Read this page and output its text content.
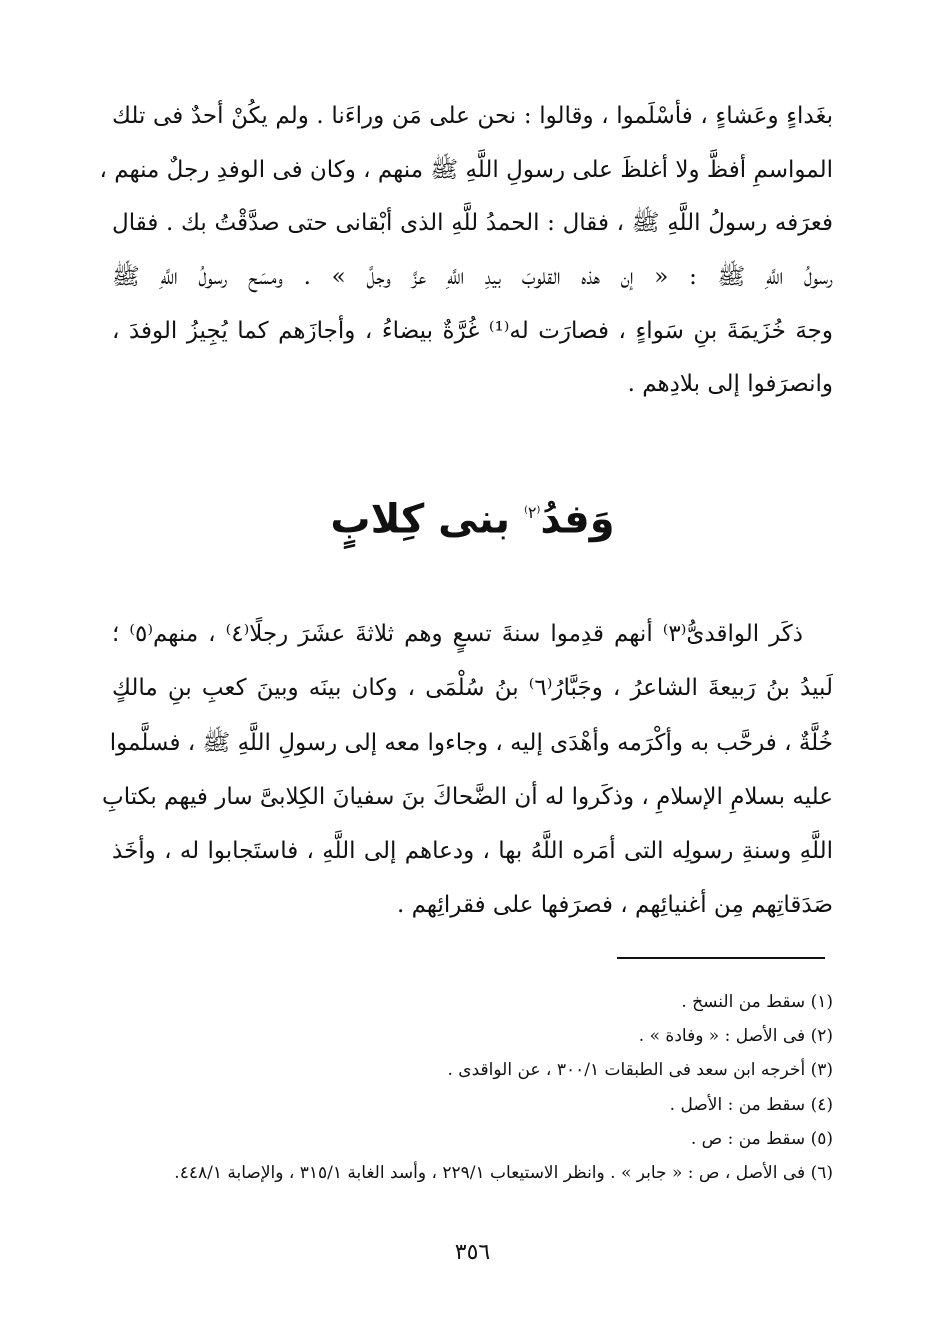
بغَداءٍ وعَشاءٍ ، فأسْلَموا ، وقالوا : نحن على مَن وراءَنا . ولم يكُنْ أحدٌ فى تلك
المواسمِ أفظَّ ولا أغلظَ على رسولِ اللَّهِ ﷺ منهم ، وكان فى الوفدِ رجلٌ منهم ،
فعرَفه رسولُ اللَّهِ ﷺ ، فقال : الحمدُ للَّهِ الذى أبْقانى حتى صدَّقْتُ بك . فقال
رسولُ اللَّهِ ﷺ : « إن هذه القلوبَ بيدِ اللَّهِ عزَّ وجلَّ » . ومسَح رسولُ اللَّهِ ﷺ
وجهَ خُزَيمَةَ بنِ سَواءٍ ، فصارَت له⁽¹⁾ غُرَّةٌ بيضاءُ ، وأجازَهم كما يُجِيزُ الوفدَ ،
وانصرَفوا إلى بلادِهم .
وَفدُ$^{^(٢^)}$ بنى كِلابٍ
ذكَر الواقدىُّ⁽٣⁾ أنهم قدِموا سنةَ تسعٍ وهم ثلاثةَ عشَرَ رجلًا⁽٤⁾ ، منهم⁽٥⁾ ؛
لَبيدُ بنُ رَبيعةَ الشاعرُ ، وجَبَّارُ⁽٦⁾ بنُ سُلْمَى ، وكان بينَه وبينَ كعبِ بنِ مالكٍ
خُلَّةٌ ، فرحَّب به وأكْرَمه وأهْدَى إليه ، وجاءوا معه إلى رسولِ اللَّهِ ﷺ ، فسلَّموا
عليه بسلامِ الإسلامِ ، وذكَروا له أن الضَّحاكَ بنَ سفيانَ الكِلابىَّ سار فيهم بكتابِ
اللَّهِ وسنةِ رسولِه التى أمَره اللَّهُ بها ، ودعاهم إلى اللَّهِ ، فاستَجابوا له ، وأخَذ
صَدَقاتِهم مِن أغنيائِهم ، فصرَفها على فقرائِهم .
(١) سقط من النسخ .
(٢) فى الأصل : « وفادة » .
(٣) أخرجه ابن سعد فى الطبقات ٣٠٠/١ ، عن الواقدى .
(٤) سقط من : الأصل .
(٥) سقط من : ص .
(٦) فى الأصل ، ص : « جابر » . وانظر الاستيعاب ٢٢٩/١ ، وأسد الغابة ٣١٥/١ ، والإصابة ٤٤٨/١.
٣٥٦
